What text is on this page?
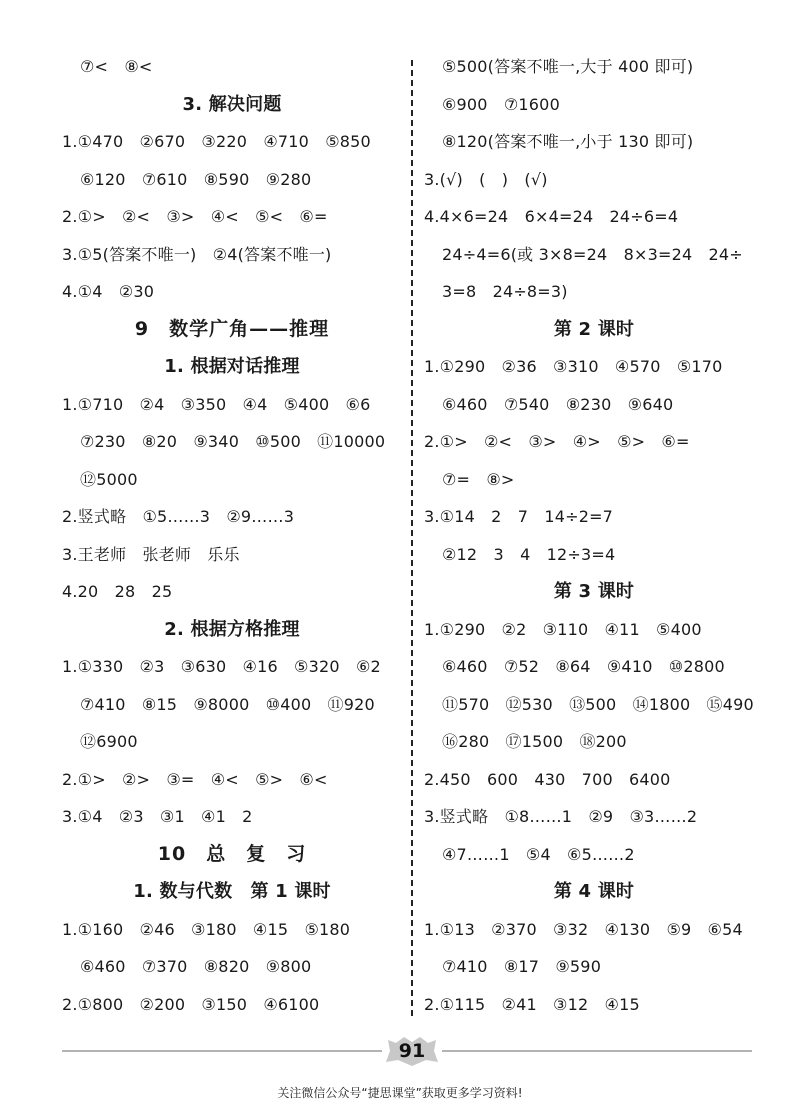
⑦<　⑧<
3. 解决问题
1.①470　②670　③220　④710　⑤850
⑥120　⑦610　⑧590　⑨280
2.①>　②<　③>　④<　⑤<　⑥=
3.①5(答案不唯一)　②4(答案不唯一)
4.①4　②30
9　数学广角——推理
1. 根据对话推理
1.①710　②4　③350　④4　⑤400　⑥6
⑦230　⑧20　⑨340　⑩500　⑪10000
⑫5000
2.竖式略　①5……3　②9……3
3.王老师　张老师　乐乐
4.20　28　25
2. 根据方格推理
1.①330　②3　③630　④16　⑤320　⑥2
⑦410　⑧15　⑨8000　⑩400　⑪920
⑫6900
2.①>　②>　③=　④<　⑤>　⑥<
3.①4　②3　③1　④1　2
10　总　复　习
1. 数与代数　第 1 课时
1.①160　②46　③180　④15　⑤180
⑥460　⑦370　⑧820　⑨800
2.①800　②200　③150　④6100
⑤500(答案不唯一,大于 400 即可)
⑥900　⑦1600
⑧120(答案不唯一,小于 130 即可)
3.(√)　(　)　(√)
4.4×6=24　6×4=24　24÷6=4
24÷4=6(或 3×8=24　8×3=24　24÷
3=8　24÷8=3)
第 2 课时
1.①290　②36　③310　④570　⑤170
⑥460　⑦540　⑧230　⑨640
2.①>　②<　③>　④>　⑤>　⑥=
⑦=　⑧>
3.①14　2　7　14÷2=7
②12　3　4　12÷3=4
第 3 课时
1.①290　②2　③110　④11　⑤400
⑥460　⑦52　⑧64　⑨410　⑩2800
⑪570　⑫530　⑬500　⑭1800　⑮490
⑯280　⑰1500　⑱200
2.450　600　430　700　6400
3.竖式略　①8……1　②9　③3……2
④7……1　⑤4　⑥5……2
第 4 课时
1.①13　②370　③32　④130　⑤9　⑥54
⑦410　⑧17　⑨590
2.①115　②41　③12　④15
91
关注微信公众号“捷思课堂”获取更多学习资料!
